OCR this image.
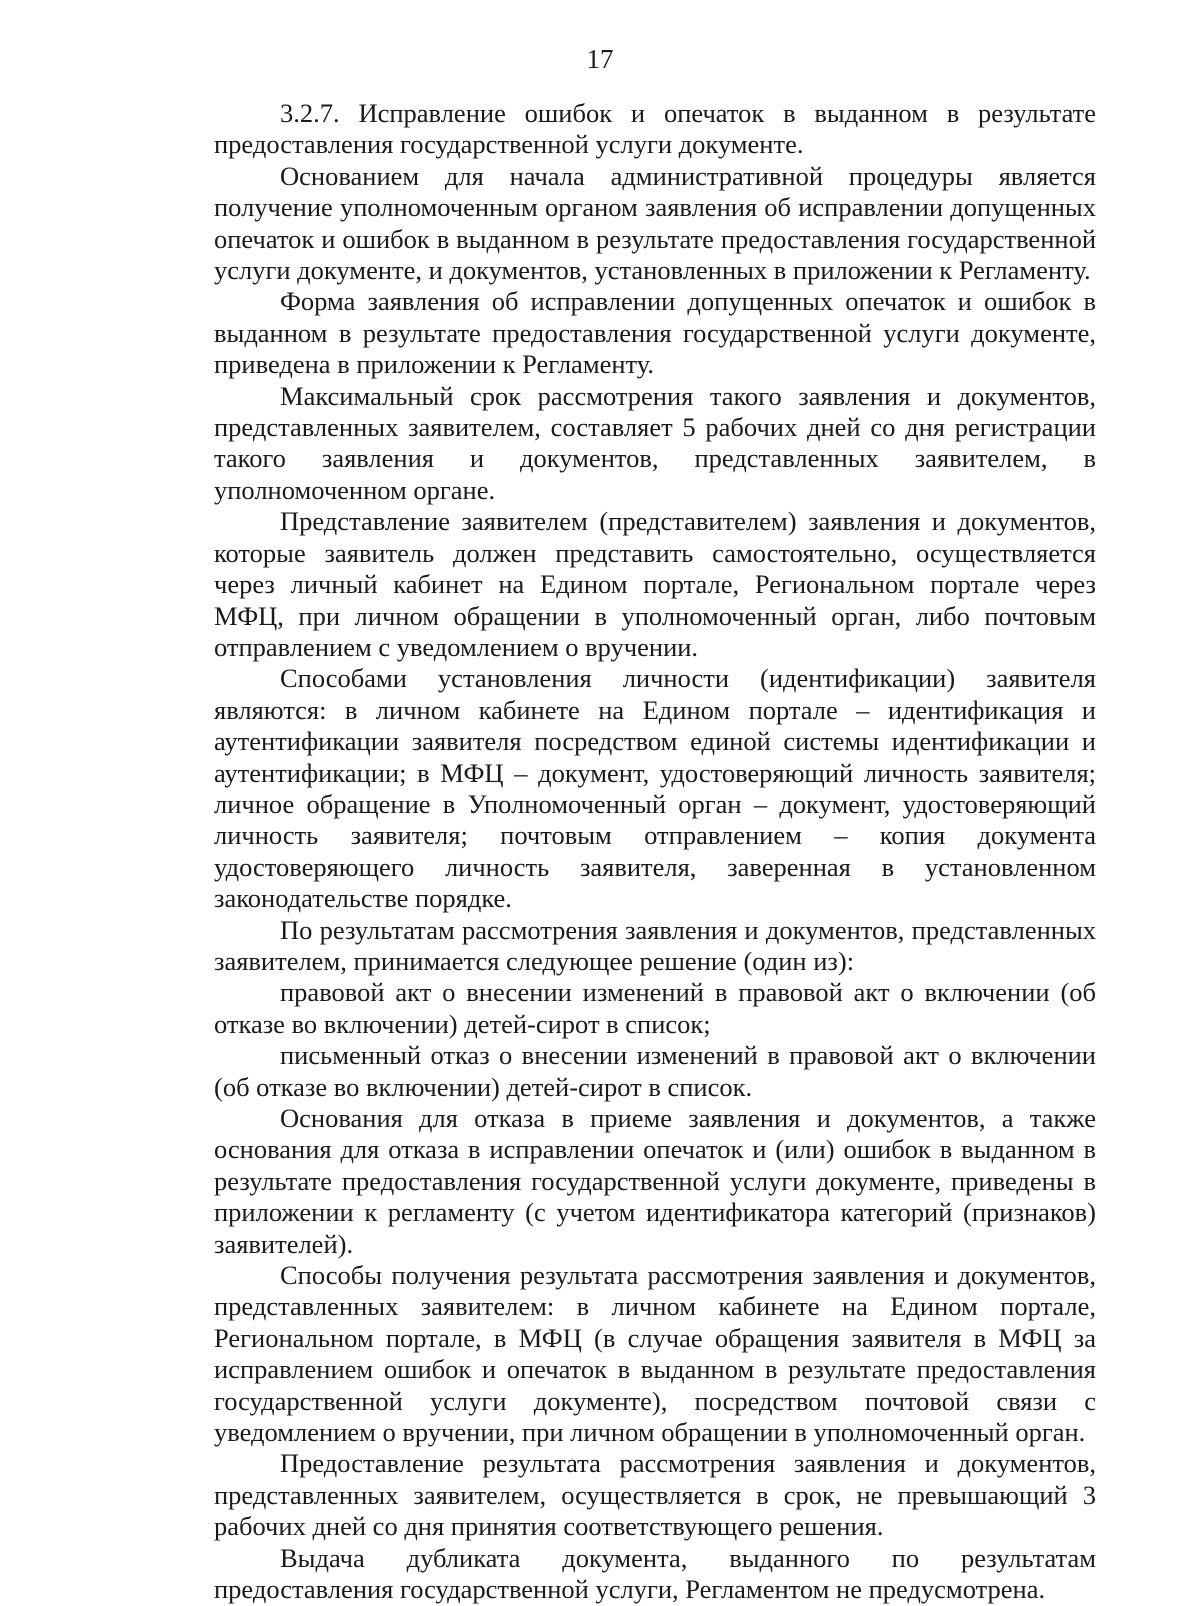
17

3.2.7. Исправление ошибок и опечаток в выданном в результате предоставления государственной услуги документе.

Основанием для начала административной процедуры является получение уполномоченным органом заявления об исправлении допущенных опечаток и ошибок в выданном в результате предоставления государственной услуги документе, и документов, установленных в приложении к Регламенту.

Форма заявления об исправлении допущенных опечаток и ошибок в выданном в результате предоставления государственной услуги документе, приведена в приложении к Регламенту.

Максимальный срок рассмотрения такого заявления и документов, представленных заявителем, составляет 5 рабочих дней со дня регистрации такого заявления и документов, представленных заявителем, в уполномоченном органе.

Представление заявителем (представителем) заявления и документов, которые заявитель должен представить самостоятельно, осуществляется через личный кабинет на Едином портале, Региональном портале через МФЦ, при личном обращении в уполномоченный орган, либо почтовым отправлением с уведомлением о вручении.

Способами установления личности (идентификации) заявителя являются: в личном кабинете на Едином портале – идентификация и аутентификации заявителя посредством единой системы идентификации и аутентификации; в МФЦ – документ, удостоверяющий личность заявителя; личное обращение в Уполномоченный орган – документ, удостоверяющий личность заявителя; почтовым отправлением – копия документа удостоверяющего личность заявителя, заверенная в установленном законодательстве порядке.

По результатам рассмотрения заявления и документов, представленных заявителем, принимается следующее решение (один из):

правовой акт о внесении изменений в правовой акт о включении (об отказе во включении) детей-сирот в список;

письменный отказ о внесении изменений в правовой акт о включении (об отказе во включении) детей-сирот в список.

Основания для отказа в приеме заявления и документов, а также основания для отказа в исправлении опечаток и (или) ошибок в выданном в результате предоставления государственной услуги документе, приведены в приложении к регламенту (с учетом идентификатора категорий (признаков) заявителей).

Способы получения результата рассмотрения заявления и документов, представленных заявителем: в личном кабинете на Едином портале, Региональном портале, в МФЦ (в случае обращения заявителя в МФЦ за исправлением ошибок и опечаток в выданном в результате предоставления государственной услуги документе), посредством почтовой связи с уведомлением о вручении, при личном обращении в уполномоченный орган.

Предоставление результата рассмотрения заявления и документов, представленных заявителем, осуществляется в срок, не превышающий 3 рабочих дней со дня принятия соответствующего решения.

Выдача дубликата документа, выданного по результатам предоставления государственной услуги, Регламентом не предусмотрена.
